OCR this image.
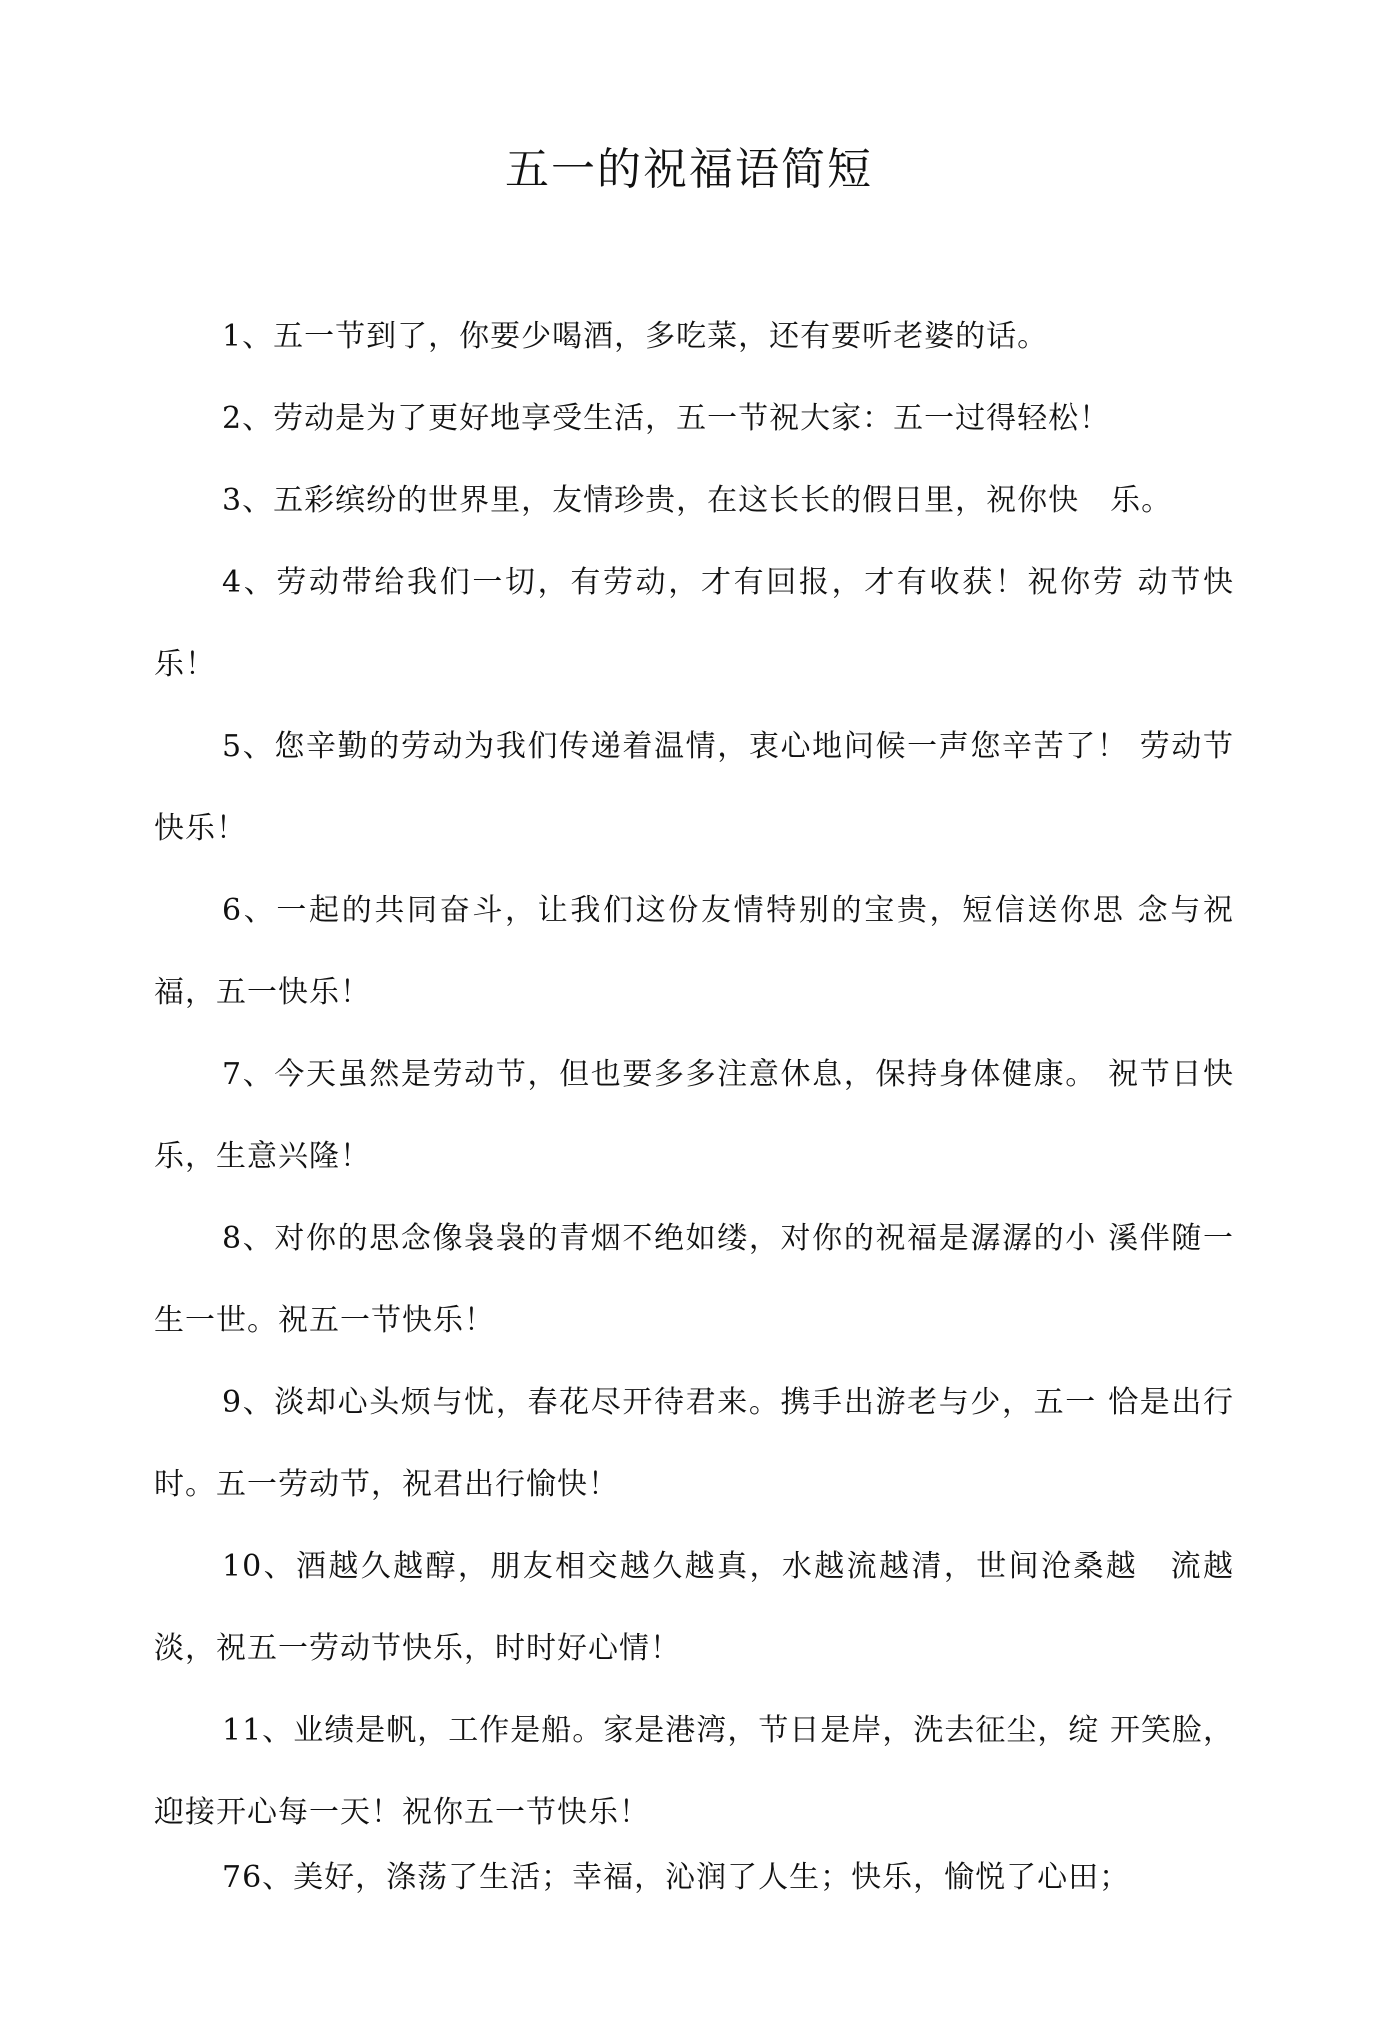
五一的祝福语简短

1、五一节到了，你要少喝酒，多吃菜，还有要听老婆的话。

2、劳动是为了更好地享受生活，五一节祝大家：五一过得轻松！

3、五彩缤纷的世界里，友情珍贵，在这长长的假日里，祝你快　乐。

4、劳动带给我们一切，有劳动，才有回报，才有收获！祝你劳 动节快乐！

5、您辛勤的劳动为我们传递着温情，衷心地问候一声您辛苦了！ 劳动节快乐！

6、一起的共同奋斗，让我们这份友情特别的宝贵，短信送你思 念与祝福，五一快乐！

7、今天虽然是劳动节，但也要多多注意休息，保持身体健康。 祝节日快乐，生意兴隆！

8、对你的思念像袅袅的青烟不绝如缕，对你的祝福是潺潺的小 溪伴随一生一世。祝五一节快乐！

9、淡却心头烦与忧，春花尽开待君来。携手出游老与少，五一 恰是出行时。五一劳动节，祝君出行愉快！

10、酒越久越醇，朋友相交越久越真，水越流越清，世间沧桑越　流越淡，祝五一劳动节快乐，时时好心情！

11、业绩是帆，工作是船。家是港湾，节日是岸，洗去征尘，绽 开笑脸，迎接开心每一天！祝你五一节快乐！

76、美好，涤荡了生活；幸福，沁润了人生；快乐，愉悦了心田；
